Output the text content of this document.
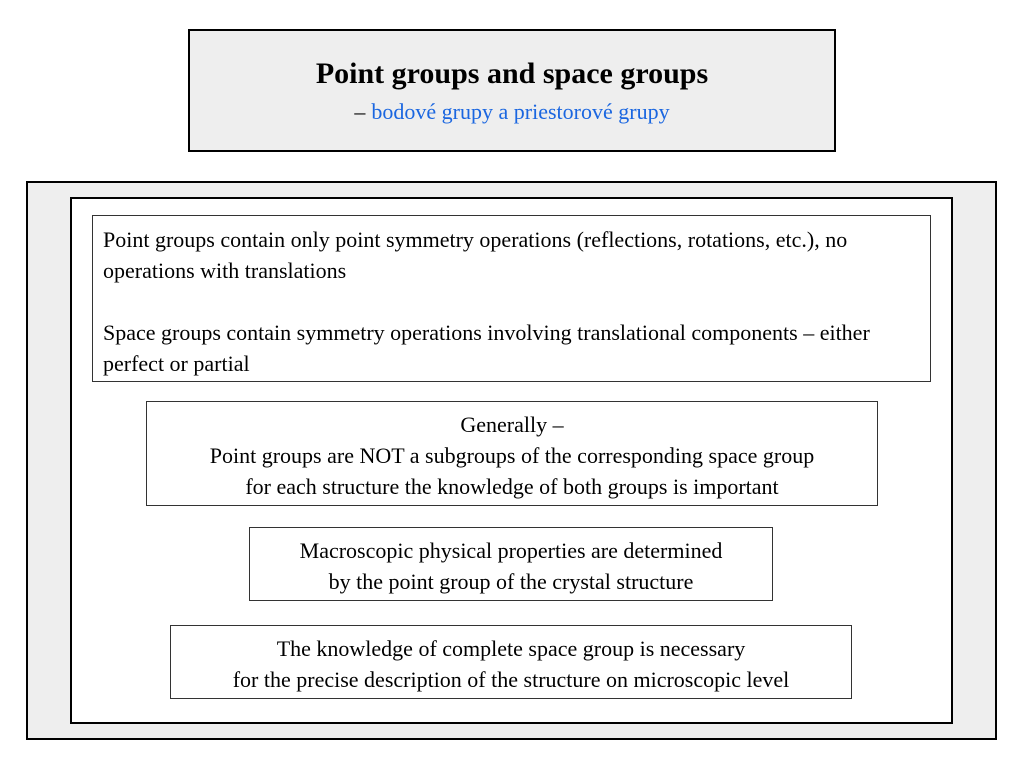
Point groups and space groups
– bodové grupy a priestorové grupy

Point groups contain only point symmetry operations (reflections, rotations, etc.), no operations with translations

Space groups contain symmetry operations involving translational components – either perfect or partial

Generally –
Point groups are NOT a subgroups of the corresponding space group
for each structure the knowledge of both groups is important
Macroscopic physical properties are determined
by the point group of the crystal structure
The knowledge of complete space group is necessary
for the precise description of the structure on microscopic level
